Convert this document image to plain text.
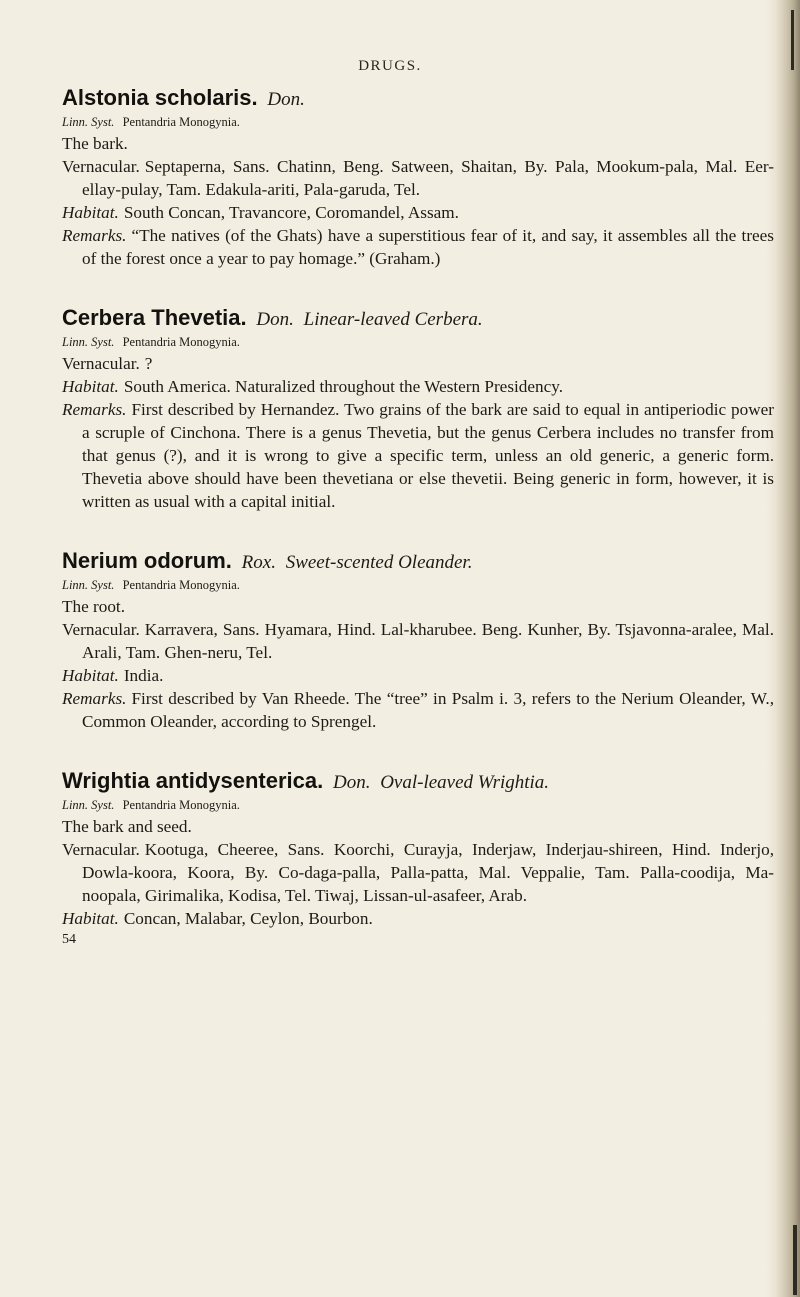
DRUGS.
Alstonia scholaris. Don.
Linn. Syst. Pentandria Monogynia.
The bark.
Vernacular. Septaperna, Sans. Chatinn, Beng. Satween, Shaitan, By. Pala, Mookum-pala, Mal. Eer-ellay-pulay, Tam. Edakula-ariti, Pala-garuda, Tel.
Habitat. South Concan, Travancore, Coromandel, Assam.
Remarks. “The natives (of the Ghats) have a superstitious fear of it, and say, it assembles all the trees of the forest once a year to pay homage.” (Graham.)
Cerbera Thevetia. Don. Linear-leaved Cerbera.
Linn. Syst. Pentandria Monogynia.
Vernacular. ?
Habitat. South America. Naturalized throughout the Western Presidency.
Remarks. First described by Hernandez. Two grains of the bark are said to equal in antiperiodic power a scruple of Cinchona. There is a genus Thevetia, but the genus Cerbera includes no transfer from that genus (?), and it is wrong to give a specific term, unless an old generic, a generic form. Thevetia above should have been thevetiana or else thevetii. Being generic in form, however, it is written as usual with a capital initial.
Nerium odorum. Rox. Sweet-scented Oleander.
Linn. Syst. Pentandria Monogynia.
The root.
Vernacular. Karravera, Sans. Hyamara, Hind. Lal-kharubee. Beng. Kunher, By. Tsjavonna-aralee, Mal. Arali, Tam. Ghen-neru, Tel.
Habitat. India.
Remarks. First described by Van Rheede. The “tree” in Psalm i. 3, refers to the Nerium Oleander, W., Common Oleander, according to Sprengel.
Wrightia antidysenterica. Don. Oval-leaved Wrightia.
Linn. Syst. Pentandria Monogynia.
The bark and seed.
Vernacular. Kootuga, Cheeree, Sans. Koorchi, Curayja, Inderjaw, Inderjau-shireen, Hind. Inderjo, Dowla-koora, Koora, By. Co-daga-palla, Palla-patta, Mal. Veppalie, Tam. Palla-coodija, Ma-noopala, Girimalika, Kodisa, Tel. Tiwaj, Lissan-ul-asafeer, Arab.
Habitat. Concan, Malabar, Ceylon, Bourbon.
54
